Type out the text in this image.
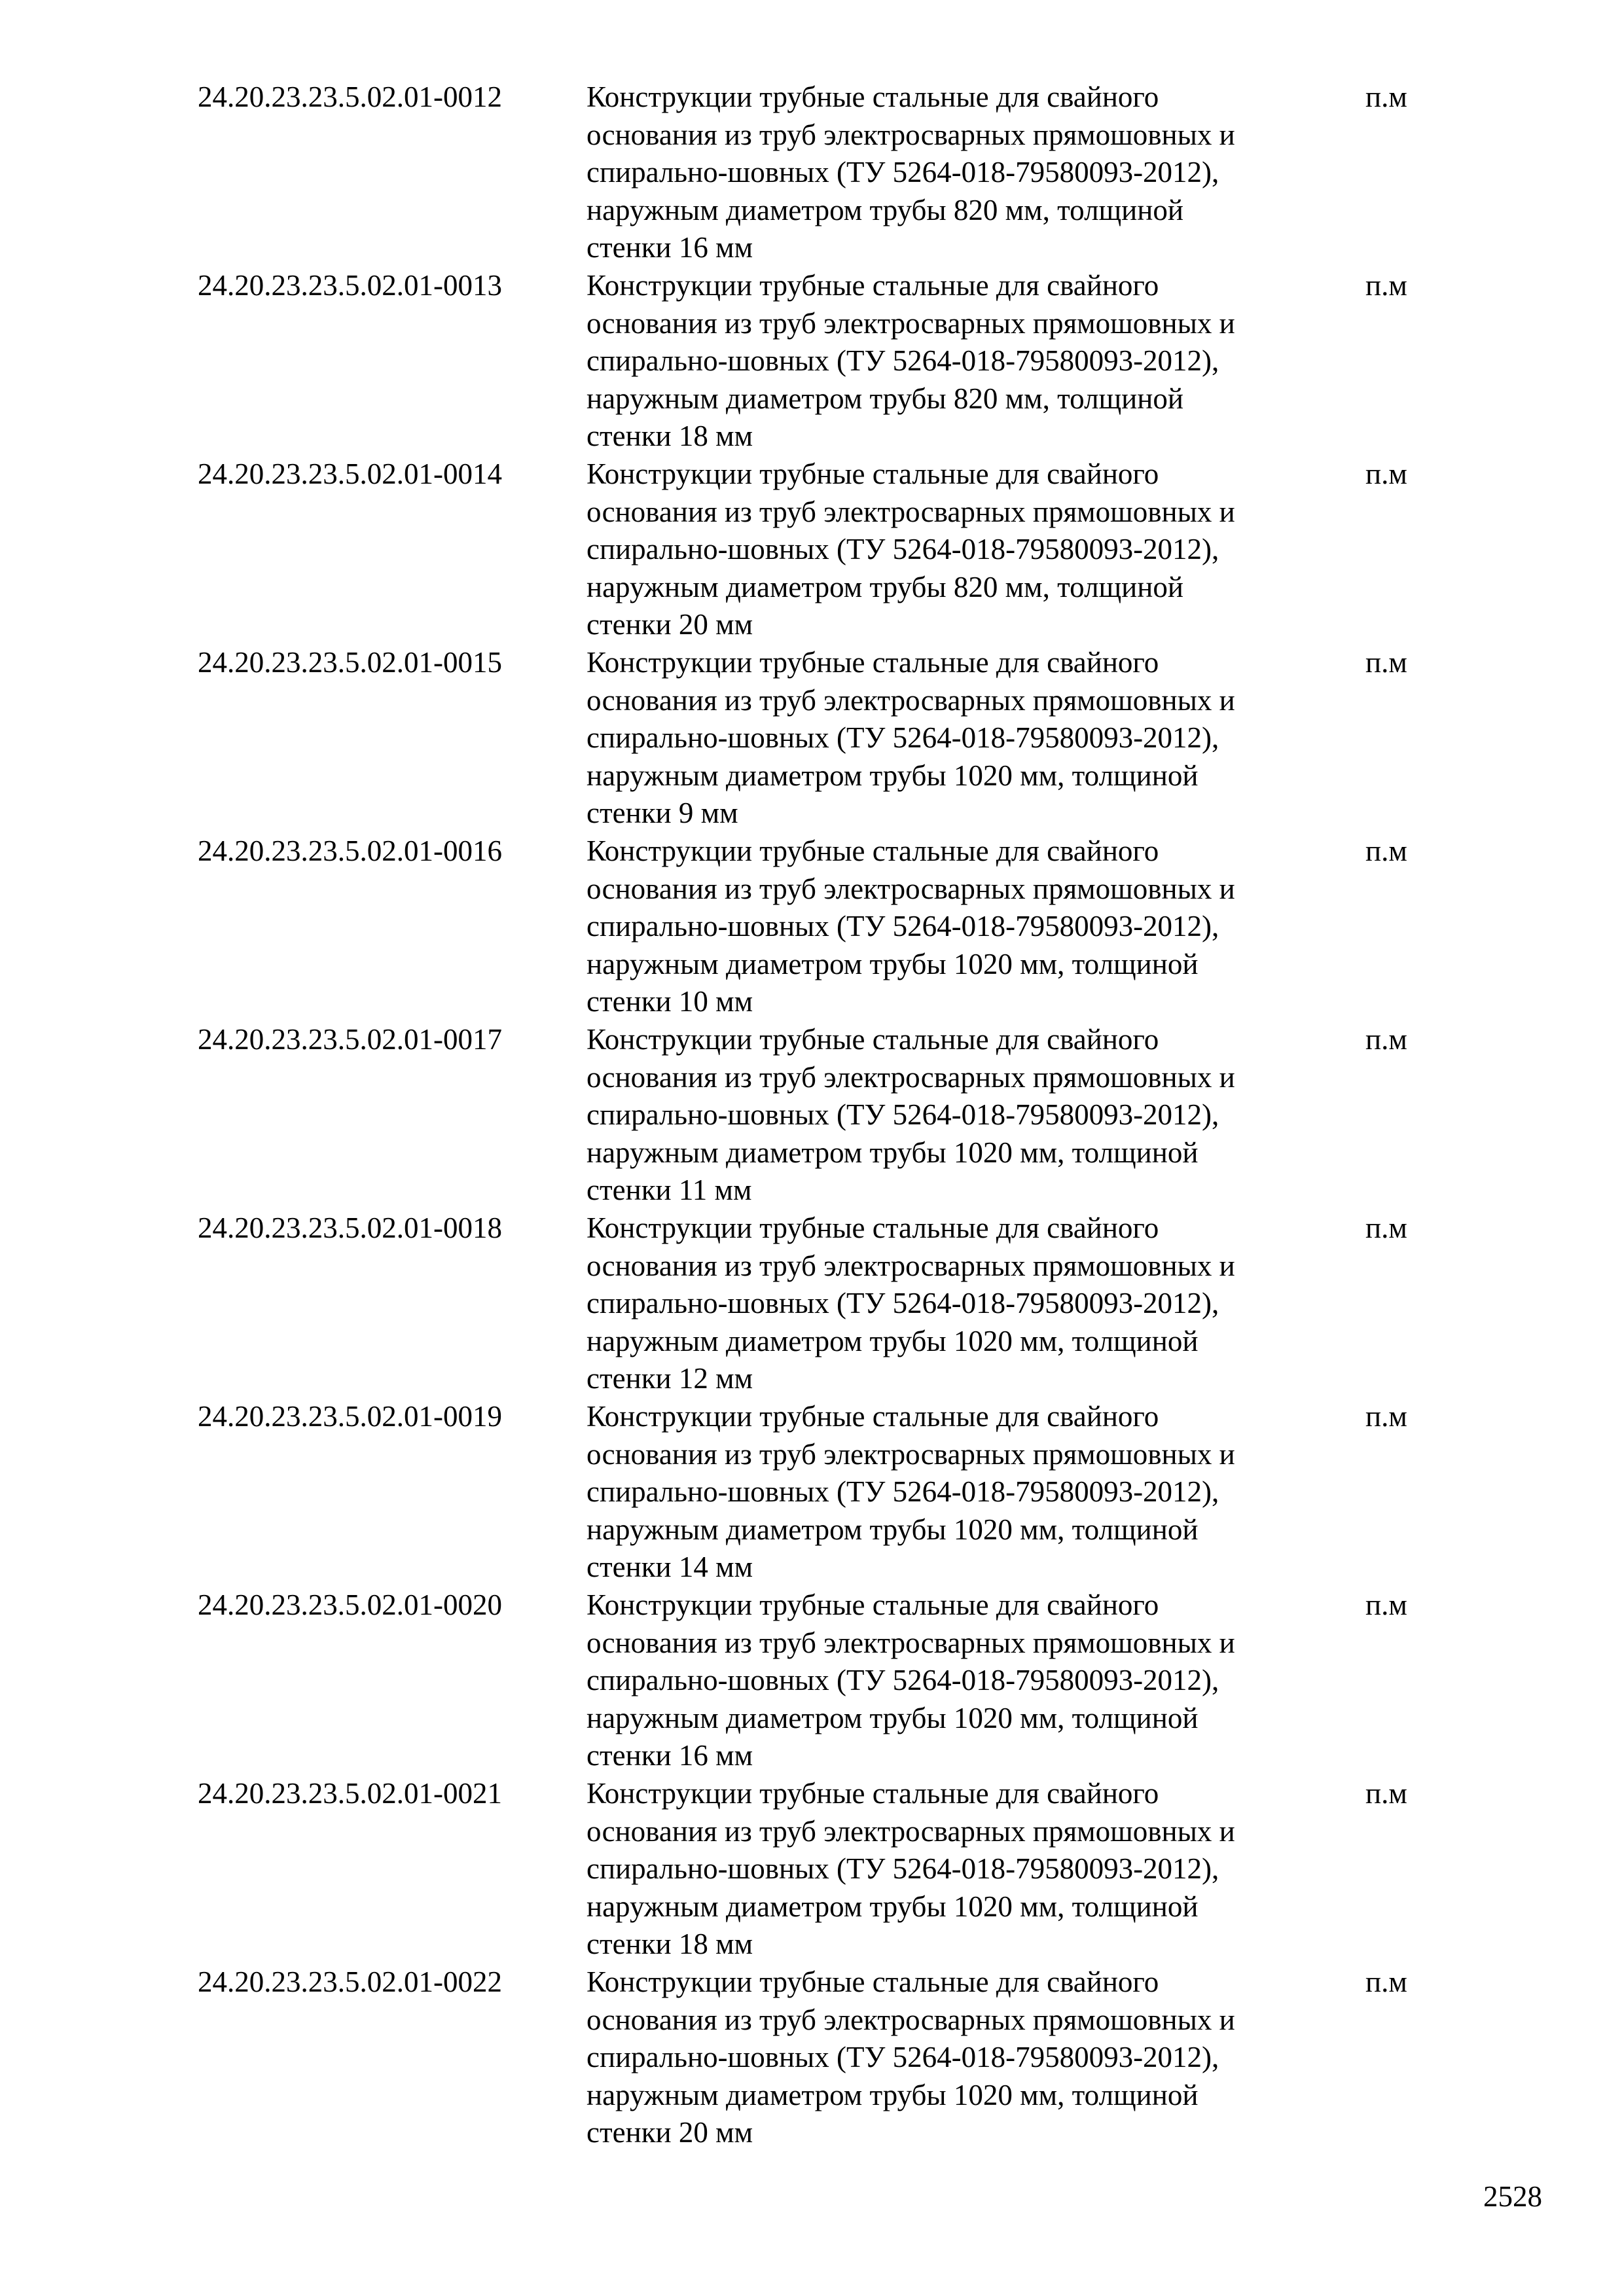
24.20.23.23.5.02.01-0012	Конструкции трубные стальные для свайного
основания из труб электросварных прямошовных и
спирально-шовных (ТУ 5264-018-79580093-2012),
наружным диаметром трубы 820 мм, толщиной
стенки 16 мм
п.м
24.20.23.23.5.02.01-0013	Конструкции трубные стальные для свайного
основания из труб электросварных прямошовных и
спирально-шовных (ТУ 5264-018-79580093-2012),
наружным диаметром трубы 820 мм, толщиной
стенки 18 мм
п.м
24.20.23.23.5.02.01-0014	Конструкции трубные стальные для свайного
основания из труб электросварных прямошовных и
спирально-шовных (ТУ 5264-018-79580093-2012),
наружным диаметром трубы 820 мм, толщиной
стенки 20 мм
п.м
24.20.23.23.5.02.01-0015	Конструкции трубные стальные для свайного
основания из труб электросварных прямошовных и
спирально-шовных (ТУ 5264-018-79580093-2012),
наружным диаметром трубы 1020 мм, толщиной
стенки 9 мм
п.м
24.20.23.23.5.02.01-0016	Конструкции трубные стальные для свайного
основания из труб электросварных прямошовных и
спирально-шовных (ТУ 5264-018-79580093-2012),
наружным диаметром трубы 1020 мм, толщиной
стенки 10 мм
п.м
24.20.23.23.5.02.01-0017	Конструкции трубные стальные для свайного
основания из труб электросварных прямошовных и
спирально-шовных (ТУ 5264-018-79580093-2012),
наружным диаметром трубы 1020 мм, толщиной
стенки 11 мм
п.м
24.20.23.23.5.02.01-0018	Конструкции трубные стальные для свайного
основания из труб электросварных прямошовных и
спирально-шовных (ТУ 5264-018-79580093-2012),
наружным диаметром трубы 1020 мм, толщиной
стенки 12 мм
п.м
24.20.23.23.5.02.01-0019	Конструкции трубные стальные для свайного
основания из труб электросварных прямошовных и
спирально-шовных (ТУ 5264-018-79580093-2012),
наружным диаметром трубы 1020 мм, толщиной
стенки 14 мм
п.м
24.20.23.23.5.02.01-0020	Конструкции трубные стальные для свайного
основания из труб электросварных прямошовных и
спирально-шовных (ТУ 5264-018-79580093-2012),
наружным диаметром трубы 1020 мм, толщиной
стенки 16 мм
п.м
24.20.23.23.5.02.01-0021	Конструкции трубные стальные для свайного
основания из труб электросварных прямошовных и
спирально-шовных (ТУ 5264-018-79580093-2012),
наружным диаметром трубы 1020 мм, толщиной
стенки 18 мм
п.м
24.20.23.23.5.02.01-0022	Конструкции трубные стальные для свайного
основания из труб электросварных прямошовных и
спирально-шовных (ТУ 5264-018-79580093-2012),
наружным диаметром трубы 1020 мм, толщиной
стенки 20 мм
п.м
2528
